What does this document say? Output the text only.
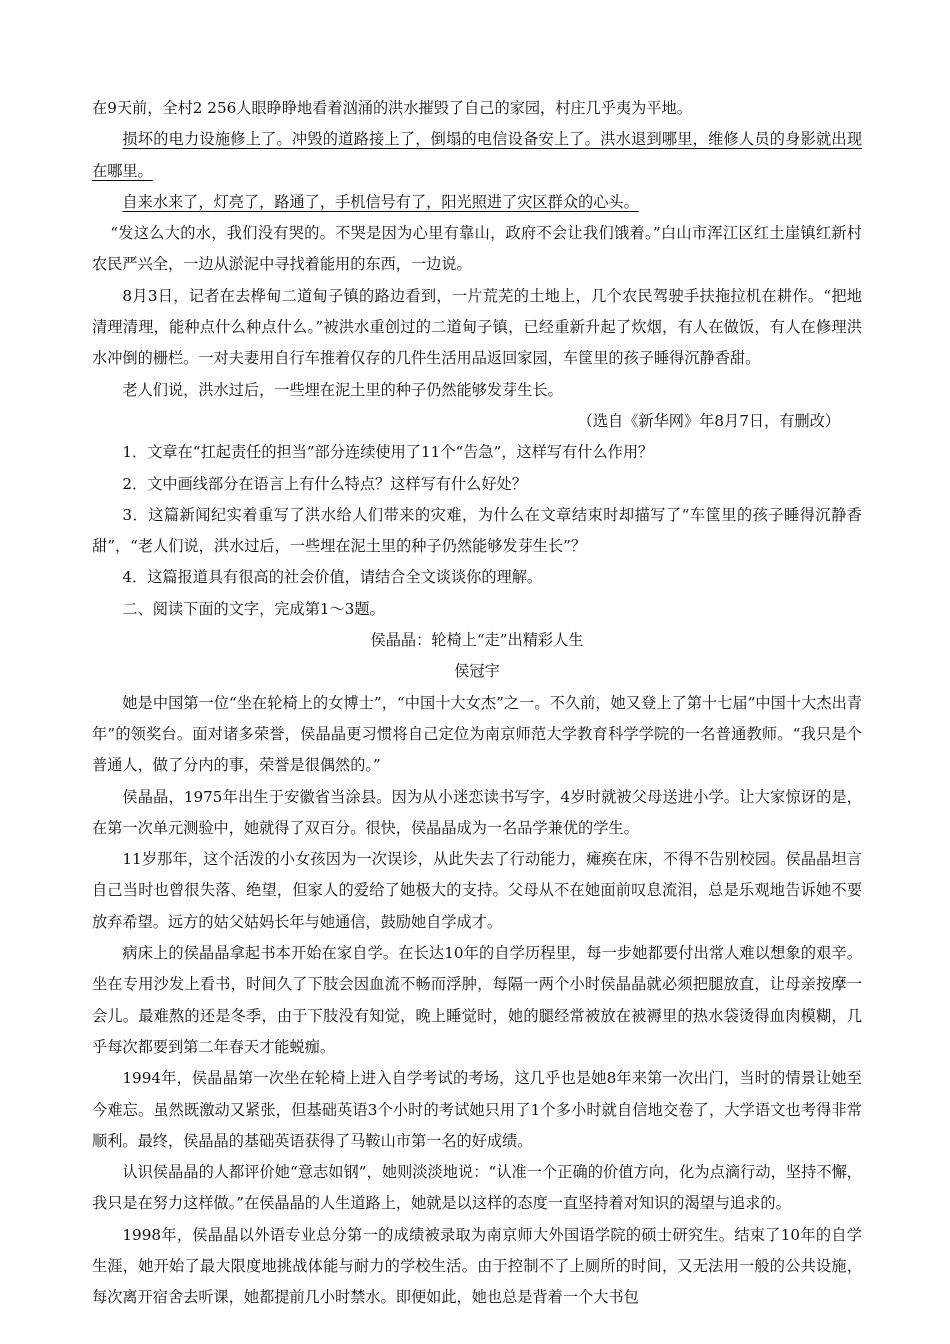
在9天前，全村2 256人眼睁睁地看着汹涌的洪水摧毁了自己的家园，村庄几乎夷为平地。

损坏的电力设施修上了。冲毁的道路接上了，倒塌的电信设备安上了。洪水退到哪里，维修人员的身影就出现在哪里。

自来水来了，灯亮了，路通了，手机信号有了，阳光照进了灾区群众的心头。

“发这么大的水，我们没有哭的。不哭是因为心里有靠山，政府不会让我们饿着。”白山市浑江区红土崖镇红新村农民严兴全，一边从淤泥中寻找着能用的东西，一边说。

8月3日，记者在去桦甸二道甸子镇的路边看到，一片荒芜的土地上，几个农民驾驶手扶拖拉机在耕作。“把地清理清理，能种点什么种点什么。”被洪水重创过的二道甸子镇，已经重新升起了炊烟，有人在做饭，有人在修理洪水冲倒的栅栏。一对夫妻用自行车推着仅存的几件生活用品返回家园，车筐里的孩子睡得沉静香甜。

老人们说，洪水过后，一些埋在泥土里的种子仍然能够发芽生长。

（选自《新华网》年8月7日，有删改）

1．文章在“扛起责任的担当”部分连续使用了11个“告急”，这样写有什么作用？

2．文中画线部分在语言上有什么特点？这样写有什么好处？

3．这篇新闻纪实着重写了洪水给人们带来的灾难，为什么在文章结束时却描写了“车筐里的孩子睡得沉静香甜”，“老人们说，洪水过后，一些埋在泥土里的种子仍然能够发芽生长”？

4．这篇报道具有很高的社会价值，请结合全文谈谈你的理解。

二、阅读下面的文字，完成第1～3题。

侯晶晶：轮椅上“走”出精彩人生

侯冠宇

她是中国第一位“坐在轮椅上的女博士”，“中国十大女杰”之一。不久前，她又登上了第十七届“中国十大杰出青年”的领奖台。面对诸多荣誉，侯晶晶更习惯将自己定位为南京师范大学教育科学学院的一名普通教师。“我只是个普通人，做了分内的事，荣誉是很偶然的。”

侯晶晶，1975年出生于安徽省当涂县。因为从小迷恋读书写字，4岁时就被父母送进小学。让大家惊讶的是，在第一次单元测验中，她就得了双百分。很快，侯晶晶成为一名品学兼优的学生。

11岁那年，这个活泼的小女孩因为一次误诊，从此失去了行动能力，瘫痪在床，不得不告别校园。侯晶晶坦言自己当时也曾很失落、绝望，但家人的爱给了她极大的支持。父母从不在她面前叹息流泪，总是乐观地告诉她不要放弃希望。远方的姑父姑妈长年与她通信，鼓励她自学成才。

病床上的侯晶晶拿起书本开始在家自学。在长达10年的自学历程里，每一步她都要付出常人难以想象的艰辛。坐在专用沙发上看书，时间久了下肢会因血流不畅而浮肿，每隔一两个小时侯晶晶就必须把腿放直，让母亲按摩一会儿。最难熬的还是冬季，由于下肢没有知觉，晚上睡觉时，她的腿经常被放在被褥里的热水袋烫得血肉模糊，几乎每次都要到第二年春天才能蜕痂。

1994年，侯晶晶第一次坐在轮椅上进入自学考试的考场，这几乎也是她8年来第一次出门，当时的情景让她至今难忘。虽然既激动又紧张，但基础英语3个小时的考试她只用了1个多小时就自信地交卷了，大学语文也考得非常顺利。最终，侯晶晶的基础英语获得了马鞍山市第一名的好成绩。

认识侯晶晶的人都评价她“意志如钢”，她则淡淡地说：“认准一个正确的价值方向，化为点滴行动，坚持不懈，我只是在努力这样做。”在侯晶晶的人生道路上，她就是以这样的态度一直坚持着对知识的渴望与追求的。

1998年，侯晶晶以外语专业总分第一的成绩被录取为南京师大外国语学院的硕士研究生。结束了10年的自学生涯，她开始了最大限度地挑战体能与耐力的学校生活。由于控制不了上厕所的时间，又无法用一般的公共设施，每次离开宿舍去听课，她都提前几小时禁水。即便如此，她也总是背着一个大书包
